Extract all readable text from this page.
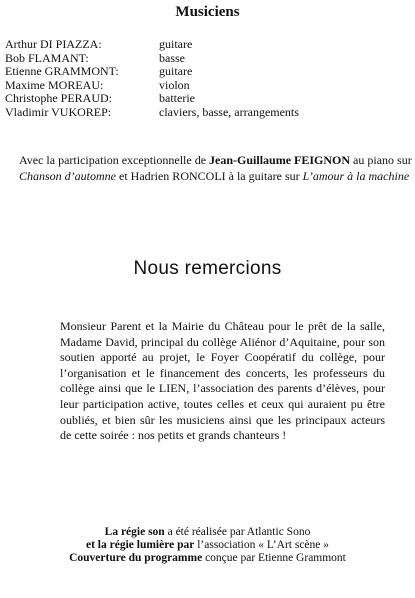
Musiciens
Arthur DI PIAZZA:	guitare
Bob FLAMANT:	basse
Etienne GRAMMONT:	guitare
Maxime MOREAU:	violon
Christophe PERAUD:	batterie
Vladimir VUKOREP:	claviers, basse, arrangements

Avec la participation exceptionnelle de Jean-Guillaume FEIGNON au piano sur Chanson d’automne et Hadrien RONCOLI à la guitare sur L’amour à la machine

Nous remercions

Monsieur Parent et la Mairie du Château pour le prêt de la salle, Madame David, principal du collège Aliénor d’Aquitaine, pour son soutien apporté au projet, le Foyer Coopératif du collège, pour l’organisation et le financement des concerts, les professeurs du collège ainsi que le LIEN, l’association des parents d’élèves, pour leur participation active, toutes celles et ceux qui auraient pu être oubliés, et bien sûr les musiciens ainsi que les principaux acteurs de cette soirée : nos petits et grands chanteurs !

La régie son a été réalisée par Atlantic Sono
et la régie lumière par l’association « L’Art scène »
Couverture du programme conçue par Etienne Grammont
